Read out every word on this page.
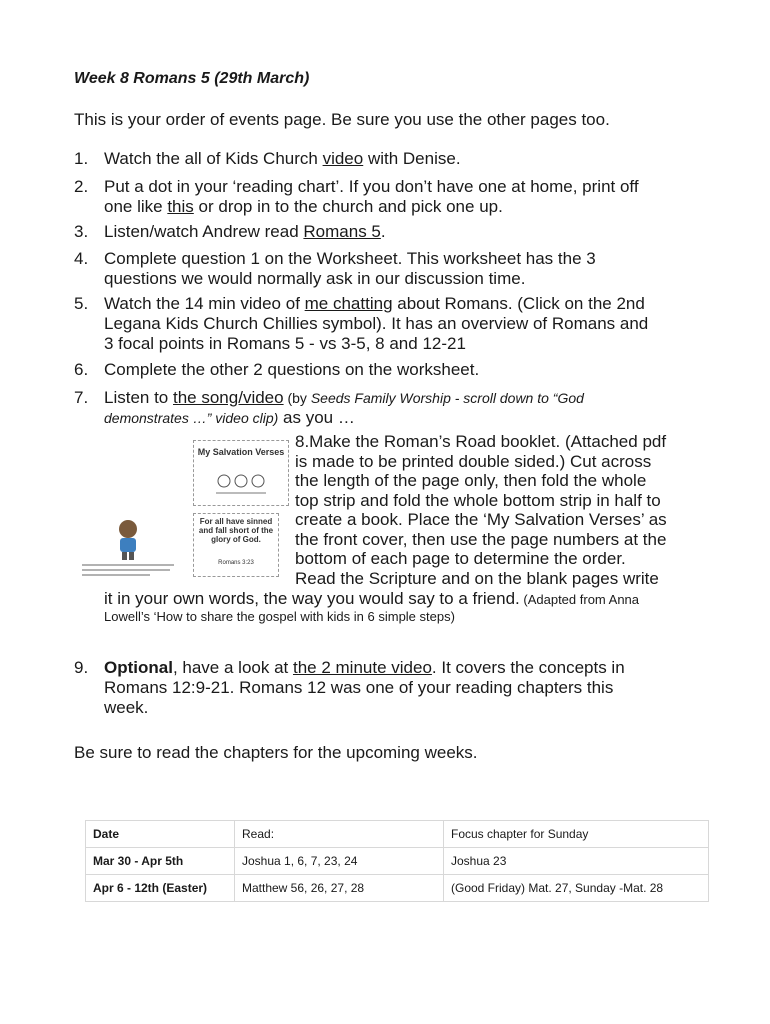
Week 8 Romans 5 (29th March)
This is your order of events page. Be sure you use the other pages too.
1. Watch the all of Kids Church video with Denise.
2. Put a dot in your ‘reading chart’. If you don’t have one at home, print off
one like this or drop in to the church and pick one up.
3. Listen/watch Andrew read Romans 5.
4. Complete question 1 on the Worksheet. This worksheet has the 3
questions we would normally ask in our discussion time.
5. Watch the 14 min video of me chatting about Romans. (Click on the 2nd
Legana Kids Church Chillies symbol). It has an overview of Romans and
3 focal points in Romans 5 - vs 3-5, 8 and 12-21
6. Complete the other 2 questions on the worksheet.
7. Listen to the song/video (by Seeds Family Worship - scroll down to “God
demonstrates …” video clip) as you …
My Salvation Verses
For all have sinned and fall short of the glory of God.
Romans 3:23
8.Make the Roman’s Road booklet. (Attached pdf
is made to be printed double sided.) Cut across
the length of the page only, then fold the whole
top strip and fold the whole bottom strip in half to
create a book. Place the ‘My Salvation Verses’ as
the front cover, then use the page numbers at the
bottom of each page to determine the order.
Read the Scripture and on the blank pages write
it in your own words, the way you would say to a friend. (Adapted from Anna
Lowell’s ‘How to share the gospel with kids in 6 simple steps)
9. Optional, have a look at the 2 minute video. It covers the concepts in
Romans 12:9-21. Romans 12 was one of your reading chapters this
week.
Be sure to read the chapters for the upcoming weeks.
Date	Read:	Focus chapter for Sunday
Mar 30 - Apr 5th	Joshua 1, 6, 7, 23, 24	Joshua 23
Apr 6 - 12th (Easter)	Matthew 56, 26, 27, 28	(Good Friday) Mat. 27, Sunday -Mat. 28
